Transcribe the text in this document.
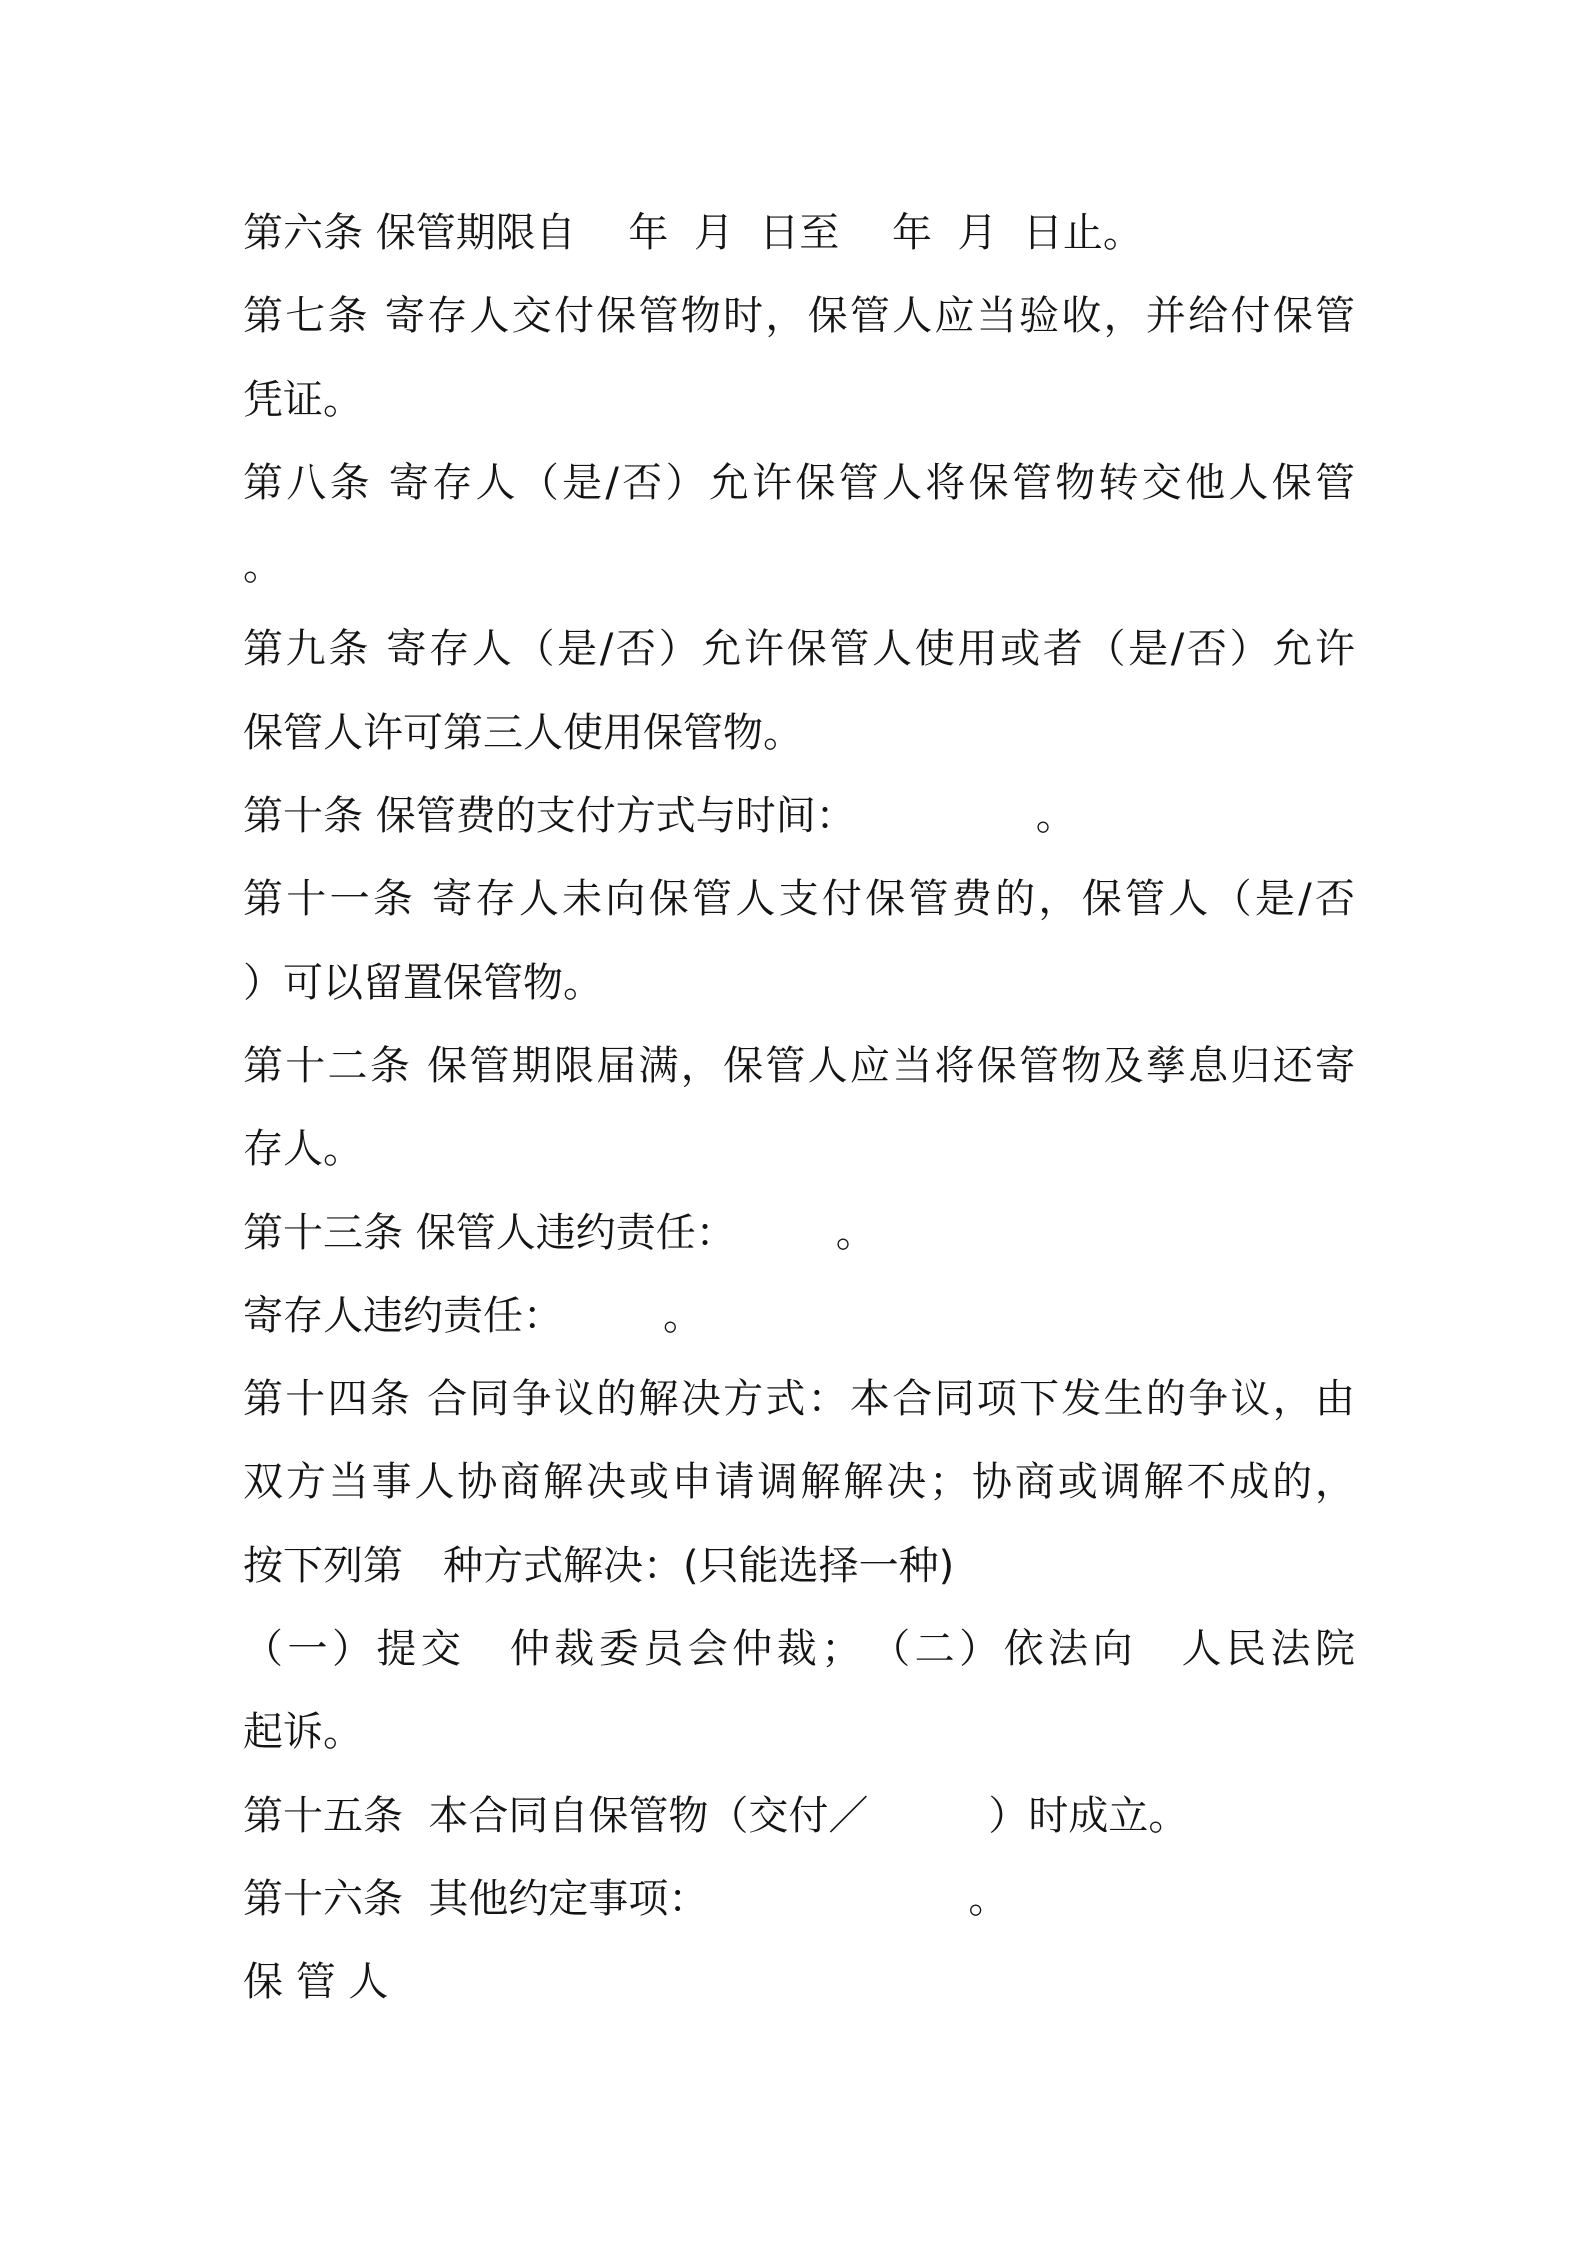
第六条 保管期限自　 年  月  日至　 年  月  日止。
第七条 寄存人交付保管物时，保管人应当验收，并给付保管
凭证。
第八条 寄存人（是/否）允许保管人将保管物转交他人保管
。
第九条 寄存人（是/否）允许保管人使用或者（是/否）允许
保管人许可第三人使用保管物。
第十条 保管费的支付方式与时间：　　　　　。
第十一条 寄存人未向保管人支付保管费的，保管人（是/否
）可以留置保管物。
第十二条 保管期限届满，保管人应当将保管物及孳息归还寄
存人。
第十三条 保管人违约责任：　　　。
寄存人违约责任：　　　。
第十四条 合同争议的解决方式：本合同项下发生的争议，由
双方当事人协商解决或申请调解解决；协商或调解不成的，
按下列第　种方式解决：(只能选择一种)
（一）提交　仲裁委员会仲裁；　（二）依法向　人民法院
起诉。
第十五条  本合同自保管物（交付／　　　）时成立。
第十六条  其他约定事项：　　　　　　　。
保 管 人
